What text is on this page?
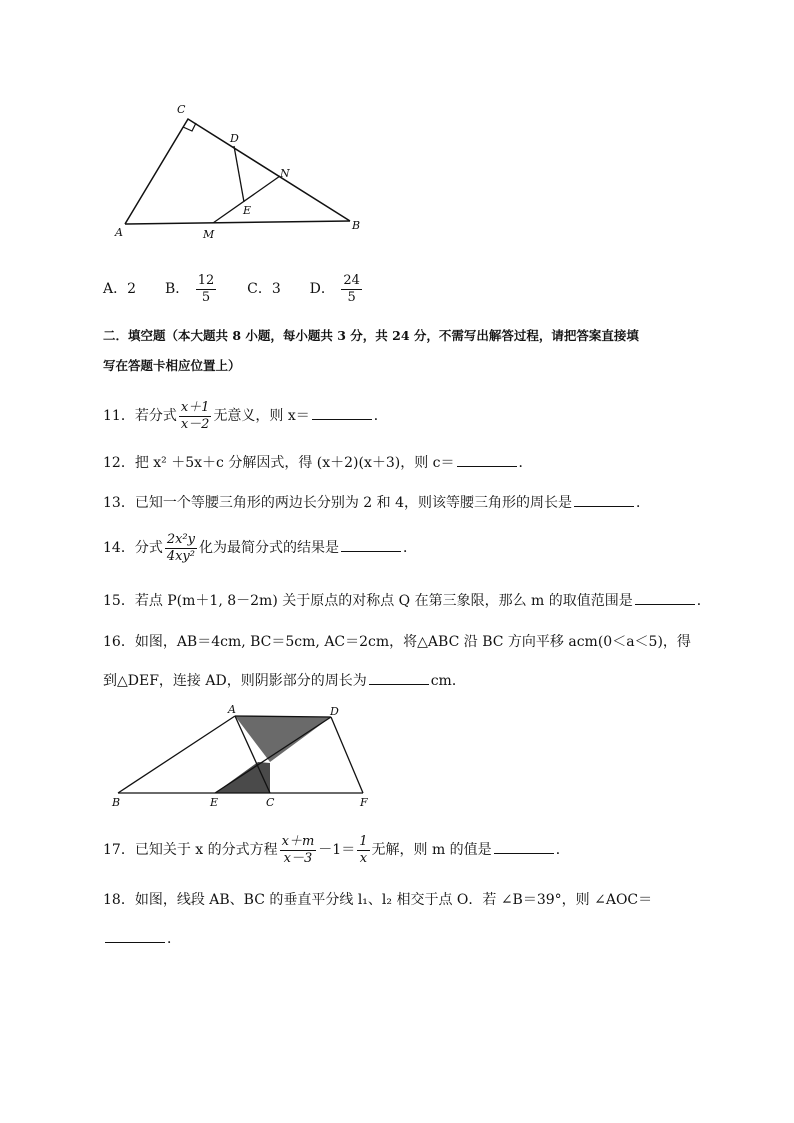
C
D
N
E
A	M
B
A．2 B． $\frac{12}{5}$ C．3 D． $\frac{24}{5}$
二．填空题（本大题共 8 小题，每小题共 3 分，共 24 分，不需写出解答过程，请把答案直接填
写在答题卡相应位置上）
11．若分式 $\frac{x+1}{x-2}$ 无意义，则 x＝	．
12．把 x² ＋5x＋c 分解因式，得 (x＋2)(x＋3)，则 c＝	．
13．已知一个等腰三角形的两边长分别为 2 和 4，则该等腰三角形的周长是	．
14．分式 $\frac{\text{2x²y}}{\text{4xy²}}$ 化为最简分式的结果是	．
15．若点 P(m＋1, 8－2m) 关于原点的对称点 Q 在第三象限，那么 m 的取值范围是	．
16．如图，AB＝4cm, BC＝5cm, AC＝2cm，将△ABC 沿 BC 方向平移 acm(0＜a＜5)，得
到△DEF，连接 AD，则阴影部分的周长为	cm．
A	D
B	E	C	F
17．已知关于 x 的分式方程 $\frac{x+m}{x-3} -1= \frac{1}{x}$ 无解，则 m 的值是	．
18．如图，线段 AB、BC 的垂直平分线 l₁、l₂ 相交于点 O．若 ∠B＝39°，则 ∠AOC＝
．
